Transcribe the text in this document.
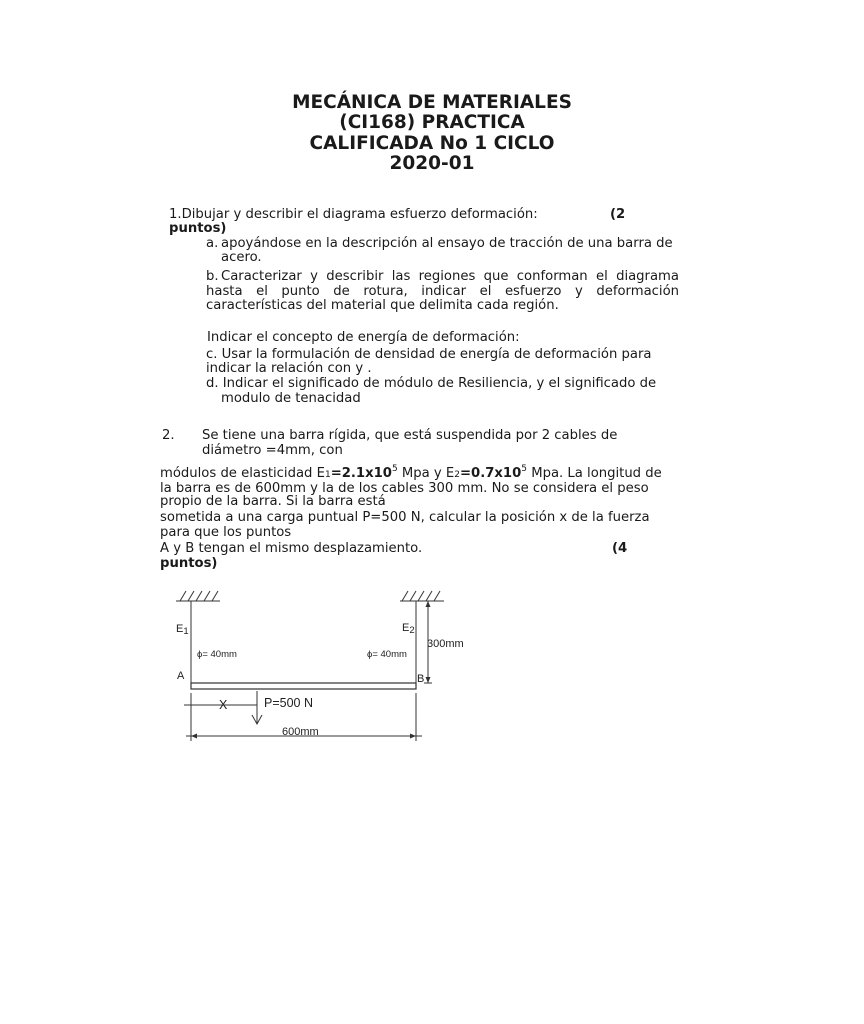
MECÁNICA DE MATERIALES
(CI168) PRACTICA
CALIFICADA No 1 CICLO
2020-01
1.Dibujar y describir el diagrama esfuerzo deformación:	(2
puntos)
a. apoyándose en la descripción al ensayo de tracción de una barra de
acero.
b. Caracterizar y describir las regiones que conforman el diagrama
hasta el punto de rotura, indicar el esfuerzo y deformación
características del material que delimita cada región.
Indicar el concepto de energía de deformación:
c. Usar la formulación de densidad de energía de deformación para
indicar la relación con y .
d. Indicar el significado de módulo de Resiliencia, y el significado de
modulo de tenacidad
2. Se tiene una barra rígida, que está suspendida por 2 cables de
diámetro =4mm, con
módulos de elasticidad $E1=2.1x10^5$ Mpa y $E2=0.7x10^5$ Mpa. La longitud de
la barra es de 600mm y la de los cables 300 mm. No se considera el peso
propio de la barra. Si la barra está
sometida a una carga puntual P=500 N, calcular la posición x de la fuerza
para que los puntos
A y B tengan el mismo desplazamiento.	(4
puntos)
E1	E2
ϕ= 40mm	ϕ= 40mm
300mm
A	B
X	P=500 N
600mm
